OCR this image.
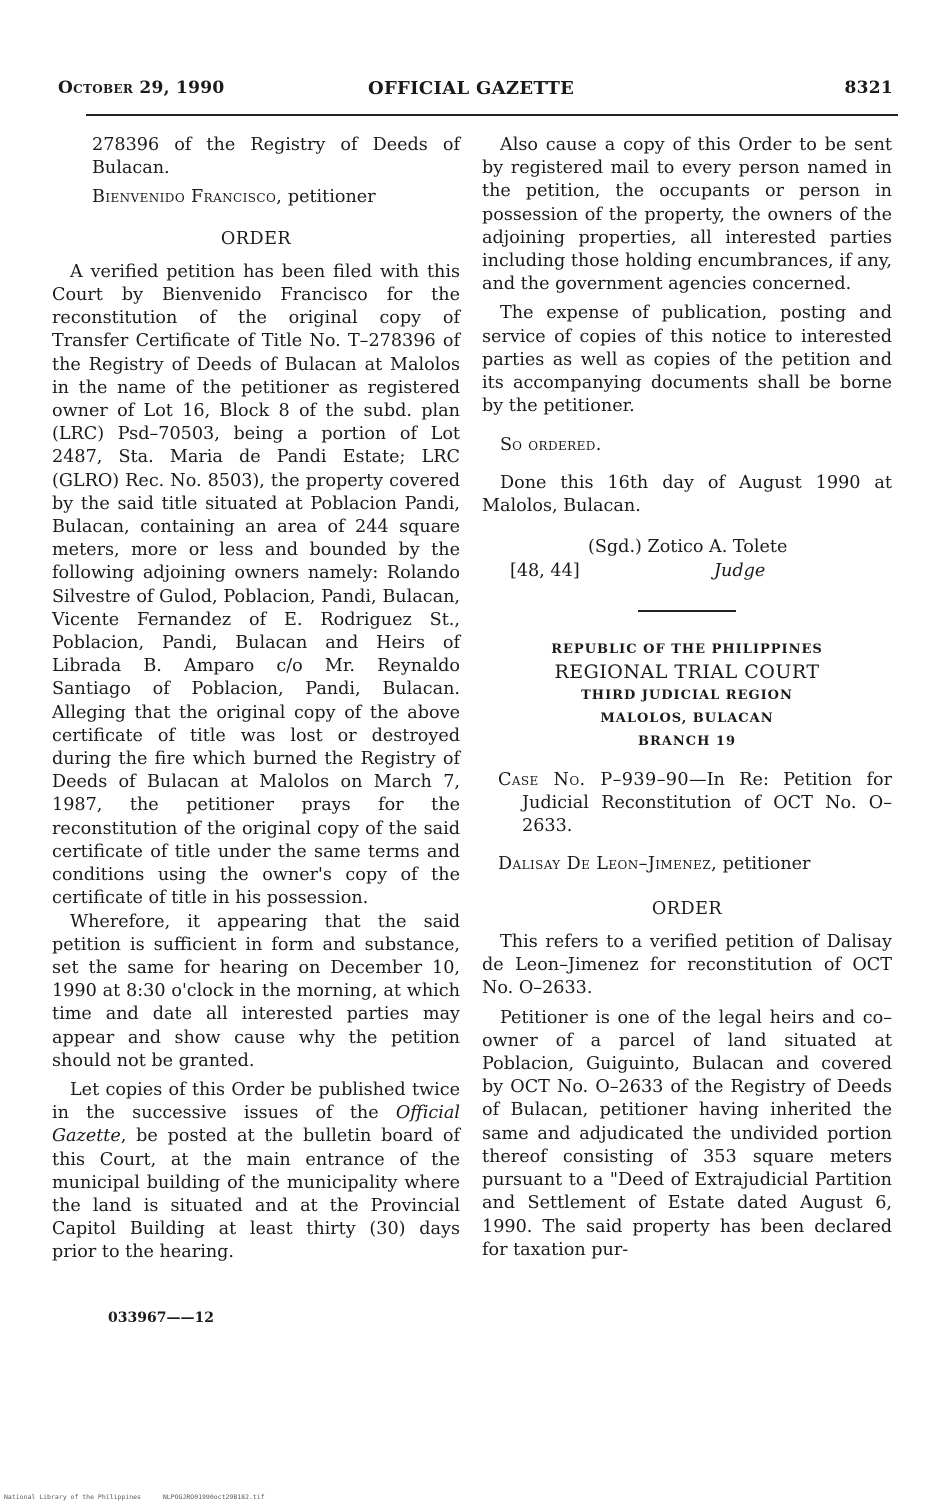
October 29, 1990	OFFICIAL GAZETTE	8321

278396 of the Registry of Deeds of Bulacan.

Bienvenido Francisco, petitioner

ORDER

A verified petition has been filed with this Court by Bienvenido Francisco for the reconstitution of the original copy of Transfer Certificate of Title No. T–278396 of the Registry of Deeds of Bulacan at Malolos in the name of the petitioner as registered owner of Lot 16, Block 8 of the subd. plan (LRC) Psd–70503, being a portion of Lot 2487, Sta. Maria de Pandi Estate; LRC (GLRO) Rec. No. 8503), the property covered by the said title situated at Poblacion Pandi, Bulacan, containing an area of 244 square meters, more or less and bounded by the following adjoining owners namely: Rolando Silvestre of Gulod, Poblacion, Pandi, Bulacan, Vicente Fernandez of E. Rodriguez St., Poblacion, Pandi, Bulacan and Heirs of Librada B. Amparo c/o Mr. Reynaldo Santiago of Poblacion, Pandi, Bulacan. Alleging that the original copy of the above certificate of title was lost or destroyed during the fire which burned the Registry of Deeds of Bulacan at Malolos on March 7, 1987, the petitioner prays for the reconstitution of the original copy of the said certificate of title under the same terms and conditions using the owner's copy of the certificate of title in his possession.

Wherefore, it appearing that the said petition is sufficient in form and substance, set the same for hearing on December 10, 1990 at 8:30 o'clock in the morning, at which time and date all interested parties may appear and show cause why the petition should not be granted.

Let copies of this Order be published twice in the successive issues of the Official Gazette, be posted at the bulletin board of this Court, at the main entrance of the municipal building of the municipality where the land is situated and at the Provincial Capitol Building at least thirty (30) days prior to the hearing.

033967——12

Also cause a copy of this Order to be sent by registered mail to every person named in the petition, the occupants or person in possession of the property, the owners of the adjoining properties, all interested parties including those holding encumbrances, if any, and the government agencies concerned.

The expense of publication, posting and service of copies of this notice to interested parties as well as copies of the petition and its accompanying documents shall be borne by the petitioner.

So ordered.

Done this 16th day of August 1990 at Malolos, Bulacan.

(Sgd.) Zotico A. Tolete
[48, 44]	Judge
REPUBLIC OF THE PHILIPPINES
REGIONAL TRIAL COURT
THIRD JUDICIAL REGION
MALOLOS, BULACAN
BRANCH 19

Case No. P–939–90—In Re: Petition for Judicial Reconstitution of OCT No. O–2633.

Dalisay De Leon–Jimenez, petitioner

ORDER

This refers to a verified petition of Dalisay de Leon–Jimenez for reconstitution of OCT No. O–2633.

Petitioner is one of the legal heirs and co–owner of a parcel of land situated at Poblacion, Guiguinto, Bulacan and covered by OCT No. O–2633 of the Registry of Deeds of Bulacan, petitioner having inherited the same and adjudicated the undivided portion thereof consisting of 353 square meters pursuant to a "Deed of Extrajudicial Partition and Settlement of Estate dated August 6, 1990. The said property has been declared for taxation pur-

National Library of the Philippines	NLPOGJRO01990oct29B182.tif
